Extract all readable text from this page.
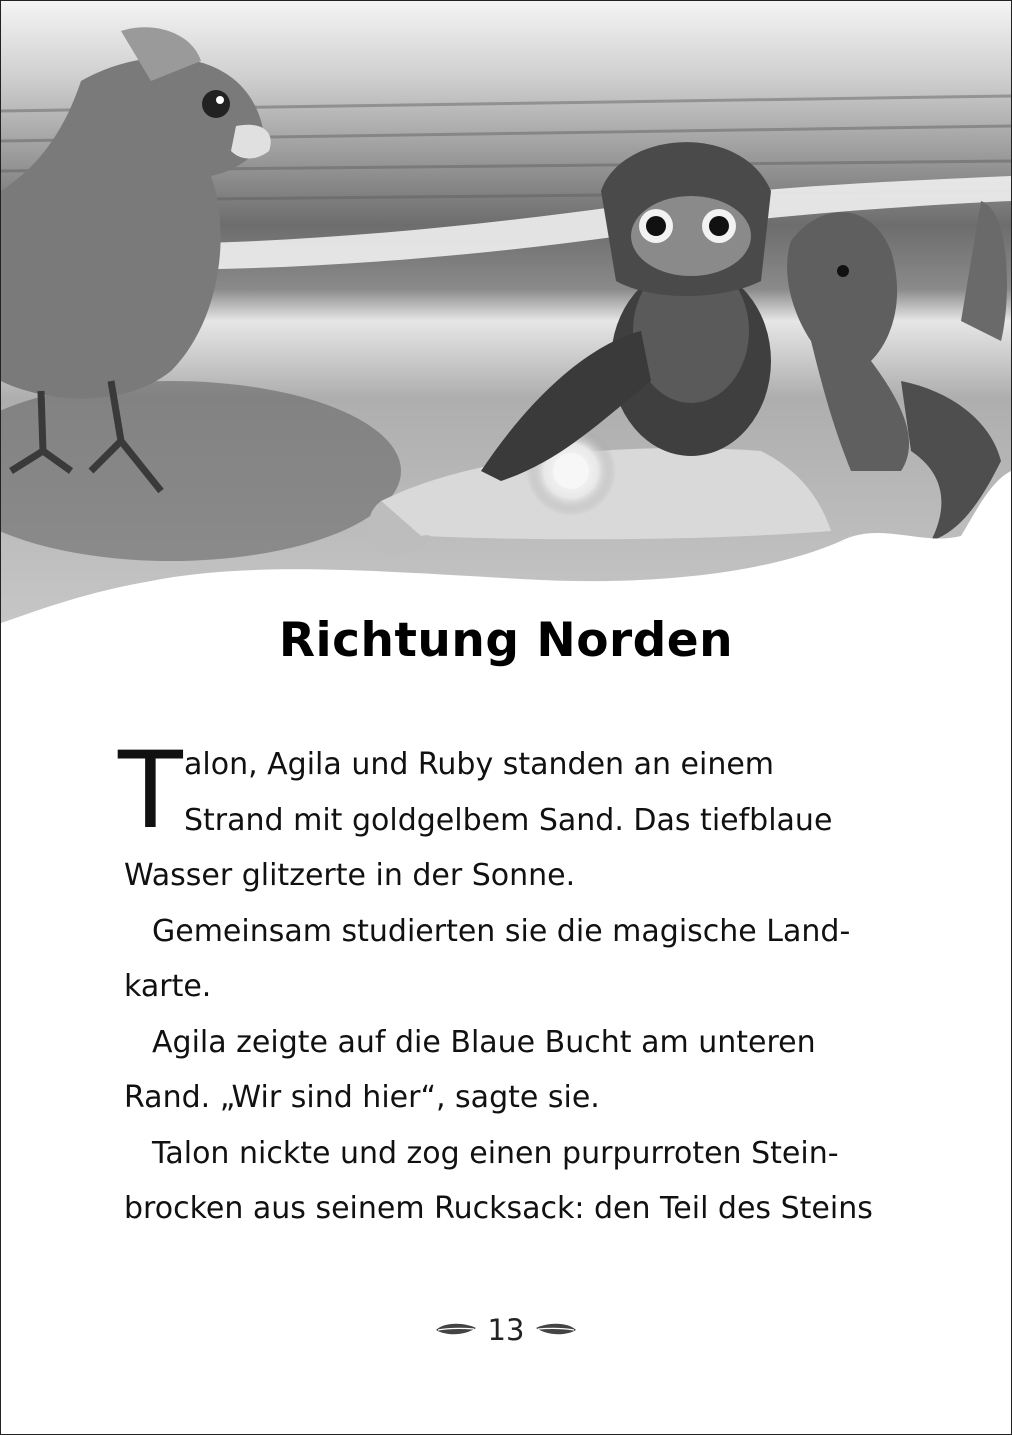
Richtung Norden
T alon, Agila und Ruby standen an einem
Strand mit goldgelbem Sand. Das tiefblaue
Wasser glitzerte in der Sonne.
Gemeinsam studierten sie die magische Land-
karte.
Agila zeigte auf die Blaue Bucht am unteren
Rand. „Wir sind hier“, sagte sie.
Talon nickte und zog einen purpurroten Stein-
brocken aus seinem Rucksack: den Teil des Steins
13
